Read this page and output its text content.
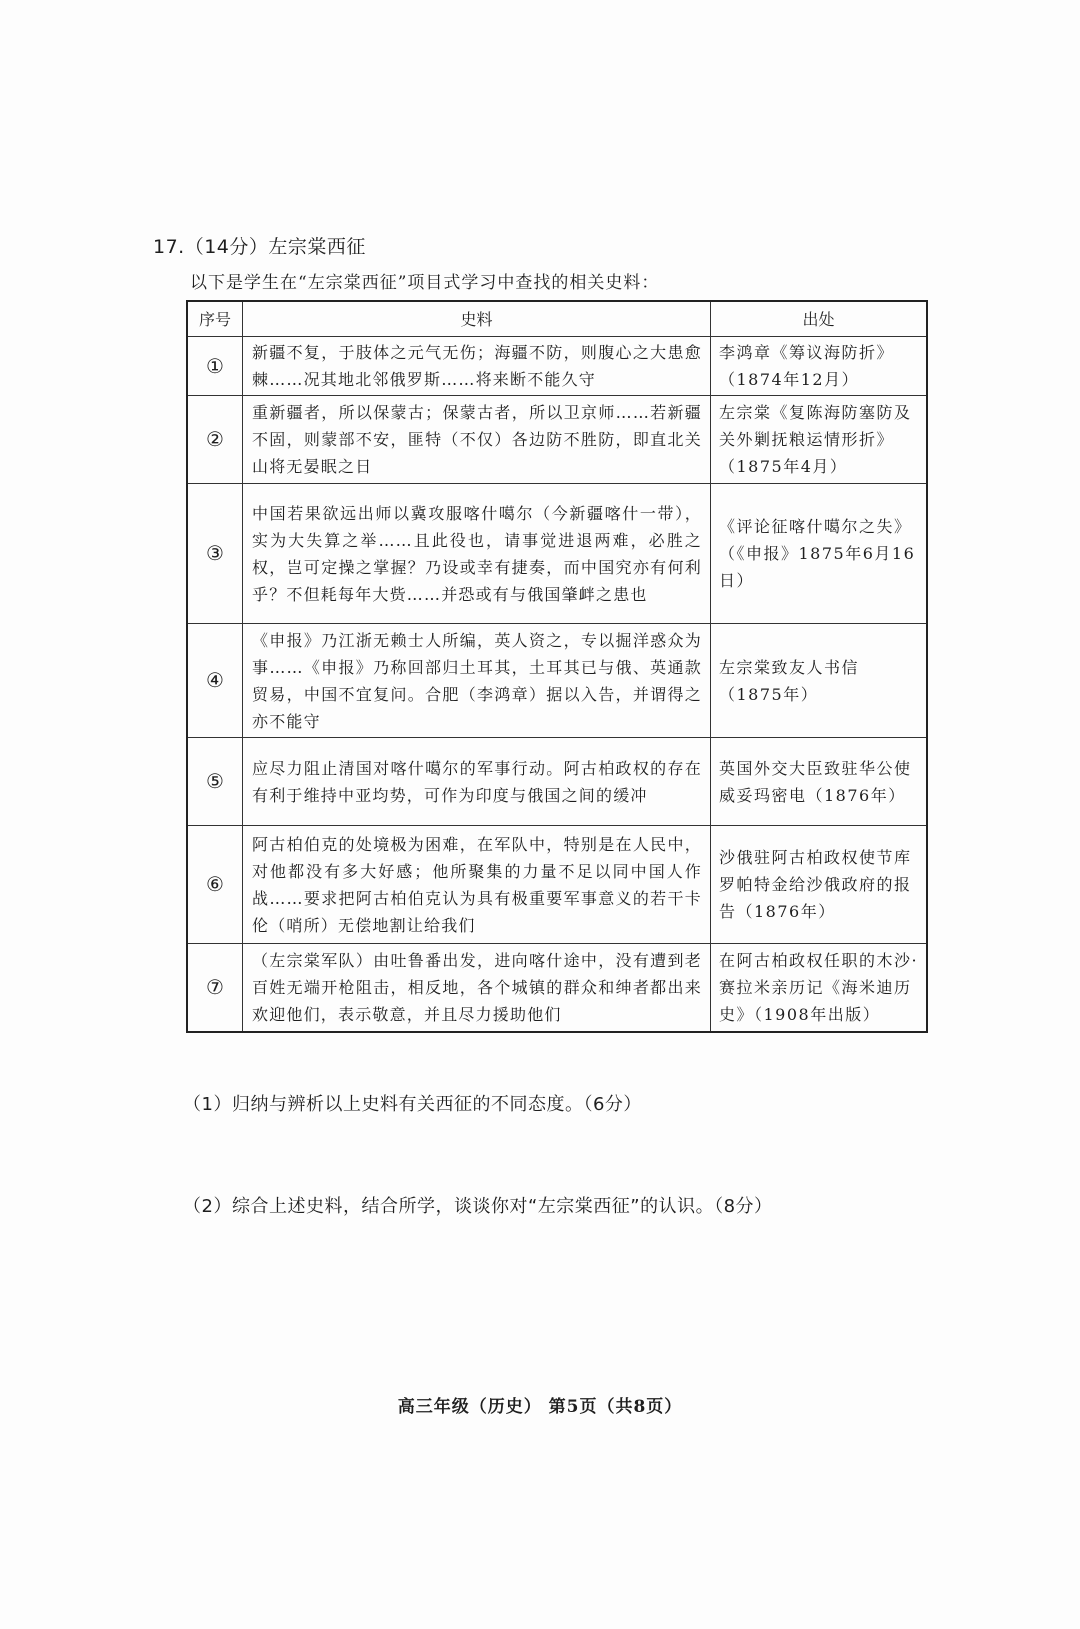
17.（14分）左宗棠西征
以下是学生在“左宗棠西征”项目式学习中查找的相关史料：
序号	史料	出处
①	新疆不复，于肢体之元气无伤；海疆不防，则腹心之大患愈棘……况其地北邻俄罗斯……将来断不能久守	李鸿章《筹议海防折》（1874年12月）
②	重新疆者，所以保蒙古；保蒙古者，所以卫京师……若新疆不固，则蒙部不安，匪特（不仅）各边防不胜防，即直北关山将无晏眠之日	左宗棠《复陈海防塞防及关外剿抚粮运情形折》（1875年4月）
③	中国若果欲远出师以冀攻服喀什噶尔（今新疆喀什一带），实为大失算之举……且此役也，请事觉进退两难，必胜之权，岂可定操之掌握？乃设或幸有捷奏，而中国究亦有何利乎？不但耗每年大赀……并恐或有与俄国肇衅之患也	《评论征喀什噶尔之失》（《申报》1875年6月16日）
④	《申报》乃江浙无赖士人所编，英人资之，专以掘洋惑众为事……《申报》乃称回部归土耳其，土耳其已与俄、英通款贸易，中国不宜复问。合肥（李鸿章）据以入告，并谓得之亦不能守	左宗棠致友人书信（1875年）
⑤	应尽力阻止清国对喀什噶尔的军事行动。阿古柏政权的存在有利于维持中亚均势，可作为印度与俄国之间的缓冲	英国外交大臣致驻华公使威妥玛密电（1876年）
⑥	阿古柏伯克的处境极为困难，在军队中，特别是在人民中，对他都没有多大好感；他所聚集的力量不足以同中国人作战……要求把阿古柏伯克认为具有极重要军事意义的若干卡伦（哨所）无偿地割让给我们	沙俄驻阿古柏政权使节库罗帕特金给沙俄政府的报告（1876年）
⑦	（左宗棠军队）由吐鲁番出发，进向喀什途中，没有遭到老百姓无端开枪阻击，相反地，各个城镇的群众和绅者都出来欢迎他们，表示敬意，并且尽力援助他们	在阿古柏政权任职的木沙·赛拉米亲历记《海米迪历史》（1908年出版）
（1）归纳与辨析以上史料有关西征的不同态度。（6分）
（2）综合上述史料，结合所学，谈谈你对“左宗棠西征”的认识。（8分）
高三年级（历史） 第5页（共8页）
